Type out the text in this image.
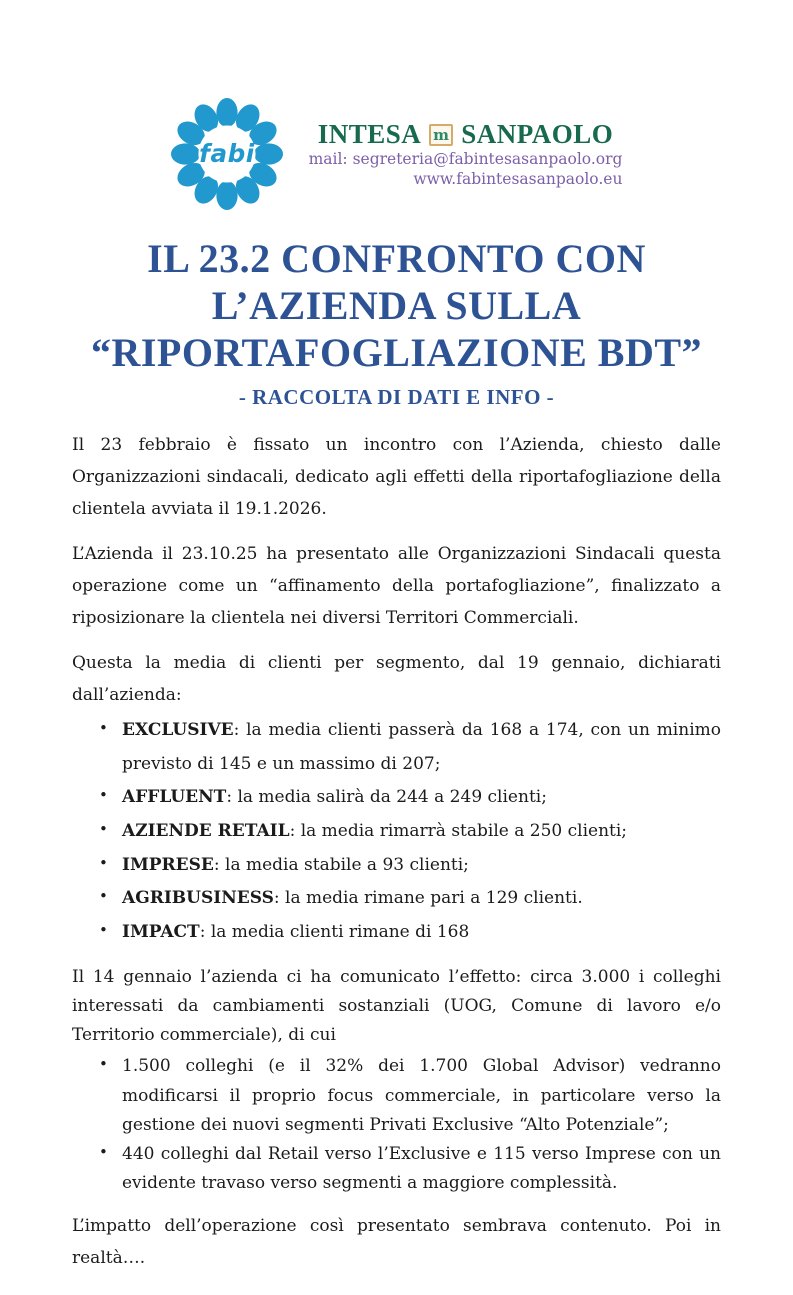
fabi
INTESA m SANPAOLO
mail: segreteria@fabintesasanpaolo.org
www.fabintesasanpaolo.eu
IL 23.2 CONFRONTO CON
L’AZIENDA SULLA
“RIPORTAFOGLIAZIONE BDT”
- RACCOLTA DI DATI E INFO -

Il 23 febbraio è fissato un incontro con l’Azienda, chiesto dalle Organizzazioni sindacali, dedicato agli effetti della riportafogliazione della clientela avviata il 19.1.2026.

L’Azienda il 23.10.25 ha presentato alle Organizzazioni Sindacali questa operazione come un “affinamento della portafogliazione”, finalizzato a riposizionare la clientela nei diversi Territori Commerciali.

Questa la media di clienti per segmento, dal 19 gennaio, dichiarati dall’azienda:

• EXCLUSIVE: la media clienti passerà da 168 a 174, con un minimo previsto di 145 e un massimo di 207;
• AFFLUENT: la media salirà da 244 a 249 clienti;
• AZIENDE RETAIL: la media rimarrà stabile a 250 clienti;
• IMPRESE: la media stabile a 93 clienti;
• AGRIBUSINESS: la media rimane pari a 129 clienti.
• IMPACT: la media clienti rimane di 168

Il 14 gennaio l’azienda ci ha comunicato l’effetto: circa 3.000 i colleghi interessati da cambiamenti sostanziali (UOG, Comune di lavoro e/o Territorio commerciale), di cui

• 1.500 colleghi (e il 32% dei 1.700 Global Advisor) vedranno modificarsi il proprio focus commerciale, in particolare verso la gestione dei nuovi segmenti Privati Exclusive “Alto Potenziale”;
• 440 colleghi dal Retail verso l’Exclusive e 115 verso Imprese con un evidente travaso verso segmenti a maggiore complessità.

L’impatto dell’operazione così presentato sembrava contenuto. Poi in realtà….
